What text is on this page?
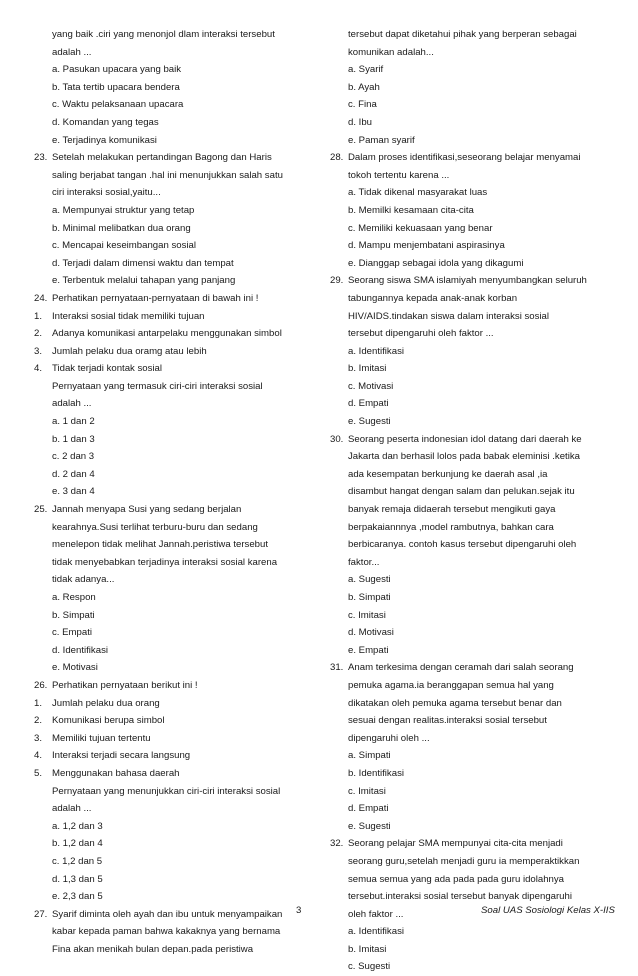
yang baik .ciri yang menonjol dlam interaksi tersebut
adalah ...
a. Pasukan upacara yang baik
b. Tata tertib upacara bendera
c. Waktu pelaksanaan upacara
d. Komandan yang tegas
e. Terjadinya komunikasi
23. Setelah melakukan pertandingan Bagong dan Haris
saling berjabat tangan .hal ini menunjukkan salah satu
ciri interaksi sosial,yaitu...
a. Mempunyai struktur yang tetap
b. Minimal melibatkan dua orang
c. Mencapai keseimbangan sosial
d. Terjadi dalam dimensi waktu dan tempat
e. Terbentuk melalui tahapan yang panjang
24. Perhatikan pernyataan-pernyataan di bawah ini !
1. Interaksi sosial tidak memiliki tujuan
2. Adanya komunikasi antarpelaku menggunakan simbol
3. Jumlah pelaku dua oramg atau lebih
4. Tidak terjadi kontak sosial
Pernyataan yang termasuk ciri-ciri interaksi sosial
adalah ...
a. 1 dan 2
b. 1 dan 3
c. 2 dan 3
d. 2 dan 4
e. 3 dan 4
25. Jannah menyapa Susi yang sedang berjalan
kearahnya.Susi terlihat terburu-buru dan sedang
menelepon tidak melihat Jannah.peristiwa tersebut
tidak menyebabkan terjadinya interaksi sosial karena
tidak adanya...
a. Respon
b. Simpati
c. Empati
d. Identifikasi
e. Motivasi
26. Perhatikan pernyataan berikut ini !
1. Jumlah pelaku dua orang
2. Komunikasi berupa simbol
3. Memiliki tujuan tertentu
4. Interaksi terjadi secara langsung
5. Menggunakan bahasa daerah
Pernyataan yang menunjukkan ciri-ciri interaksi sosial
adalah ...
a. 1,2 dan 3
b. 1,2 dan 4
c. 1,2 dan 5
d. 1,3 dan 5
e. 2,3 dan 5
27. Syarif diminta oleh ayah dan ibu untuk menyampaikan
kabar kepada paman bahwa kakaknya yang bernama
Fina akan menikah bulan depan.pada peristiwa
tersebut dapat diketahui pihak yang berperan sebagai
komunikan adalah...
a. Syarif
b. Ayah
c. Fina
d. Ibu
e. Paman syarif
28. Dalam proses identifikasi,seseorang belajar menyamai
tokoh tertentu karena ...
a. Tidak dikenal masyarakat luas
b. Memilki kesamaan cita-cita
c. Memiliki kekuasaan yang benar
d. Mampu menjembatani aspirasinya
e. Dianggap sebagai idola yang dikagumi
29. Seorang siswa SMA islamiyah menyumbangkan seluruh
tabungannya kepada anak-anak korban
HIV/AIDS.tindakan siswa dalam interaksi sosial
tersebut dipengaruhi oleh faktor ...
a. Identifikasi
b. Imitasi
c. Motivasi
d. Empati
e. Sugesti
30. Seorang peserta indonesian idol datang dari daerah ke
Jakarta dan berhasil lolos pada babak eleminisi .ketika
ada kesempatan berkunjung ke daerah asal ,ia
disambut hangat dengan salam dan pelukan.sejak itu
banyak remaja didaerah tersebut mengikuti gaya
berpakaiannnya ,model rambutnya, bahkan cara
berbicaranya. contoh kasus tersebut dipengaruhi oleh
faktor...
a. Sugesti
b. Simpati
c. Imitasi
d. Motivasi
e. Empati
31. Anam terkesima dengan ceramah dari salah seorang
pemuka agama.ia beranggapan semua hal yang
dikatakan oleh pemuka agama tersebut benar dan
sesuai dengan realitas.interaksi sosial tersebut
dipengaruhi oleh ...
a. Simpati
b. Identifikasi
c. Imitasi
d. Empati
e. Sugesti
32. Seorang pelajar SMA mempunyai cita-cita menjadi
seorang guru,setelah menjadi guru ia memperaktikkan
semua semua yang ada pada pada guru idolahnya
tersebut.interaksi sosial tersebut banyak dipengaruhi
oleh faktor ...
a. Identifikasi
b. Imitasi
c. Sugesti
3	Soal UAS Sosiologi Kelas X-IIS
